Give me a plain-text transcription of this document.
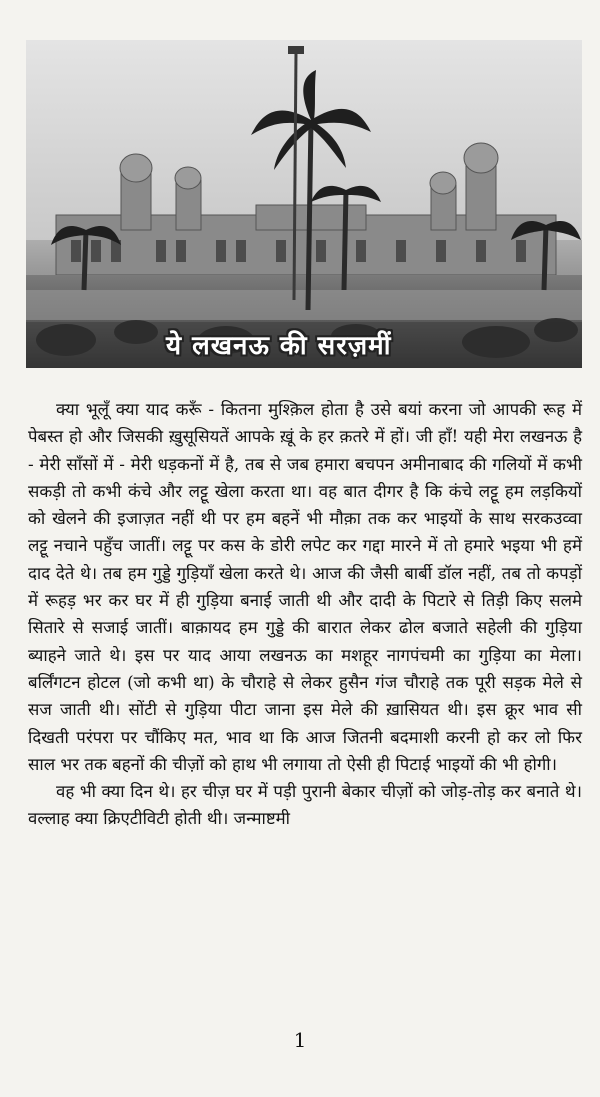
ये लखनऊ की सरज़मीं

क्या भूलूँ क्या याद करूँ - कितना मुश्क़िल होता है उसे बयां करना जो आपकी रूह में पेबस्त हो और जिसकी ख़ुसूसियतें आपके ख़ूं के हर क़तरे में हों। जी हाँ! यही मेरा लखनऊ है - मेरी साँसों में - मेरी धड़कनों में है, तब से जब हमारा बचपन अमीनाबाद की गलियों में कभी सकड़ी तो कभी कंचे और लट्टू खेला करता था। वह बात दीगर है कि कंचे लट्टू हम लड़कियों को खेलने की इजाज़त नहीं थी पर हम बहनें भी मौक़ा तक कर भाइयों के साथ सरकउव्वा लट्टू नचाने पहुँच जातीं। लट्टू पर कस के डोरी लपेट कर गद्दा मारने में तो हमारे भइया भी हमें दाद देते थे। तब हम गुड्डे गुड़ियाँ खेला करते थे। आज की जैसी बार्बी डॉल नहीं, तब तो कपड़ों में रूहड़ भर कर घर में ही गुड़िया बनाई जाती थी और दादी के पिटारे से तिड़ी किए सलमे सितारे से सजाई जातीं। बाक़ायद हम गुड्डे की बारात लेकर ढोल बजाते सहेली की गुड़िया ब्याहने जाते थे। इस पर याद आया लखनऊ का मशहूर नागपंचमी का गुड़िया का मेला। बर्लिंगटन होटल (जो कभी था) के चौराहे से लेकर हुसैन गंज चौराहे तक पूरी सड़क मेले से सज जाती थी। सोंटी से गुड़िया पीटा जाना इस मेले की ख़ासियत थी। इस क्रूर भाव सी दिखती परंपरा पर चौंकिए मत, भाव था कि आज जितनी बदमाशी करनी हो कर लो फिर साल भर तक बहनों की चीज़ों को हाथ भी लगाया तो ऐसी ही पिटाई भाइयों की भी होगी।

वह भी क्या दिन थे। हर चीज़ घर में पड़ी पुरानी बेकार चीज़ों को जोड़-तोड़ कर बनाते थे। वल्लाह क्या क्रिएटीविटी होती थी। जन्माष्टमी

1
